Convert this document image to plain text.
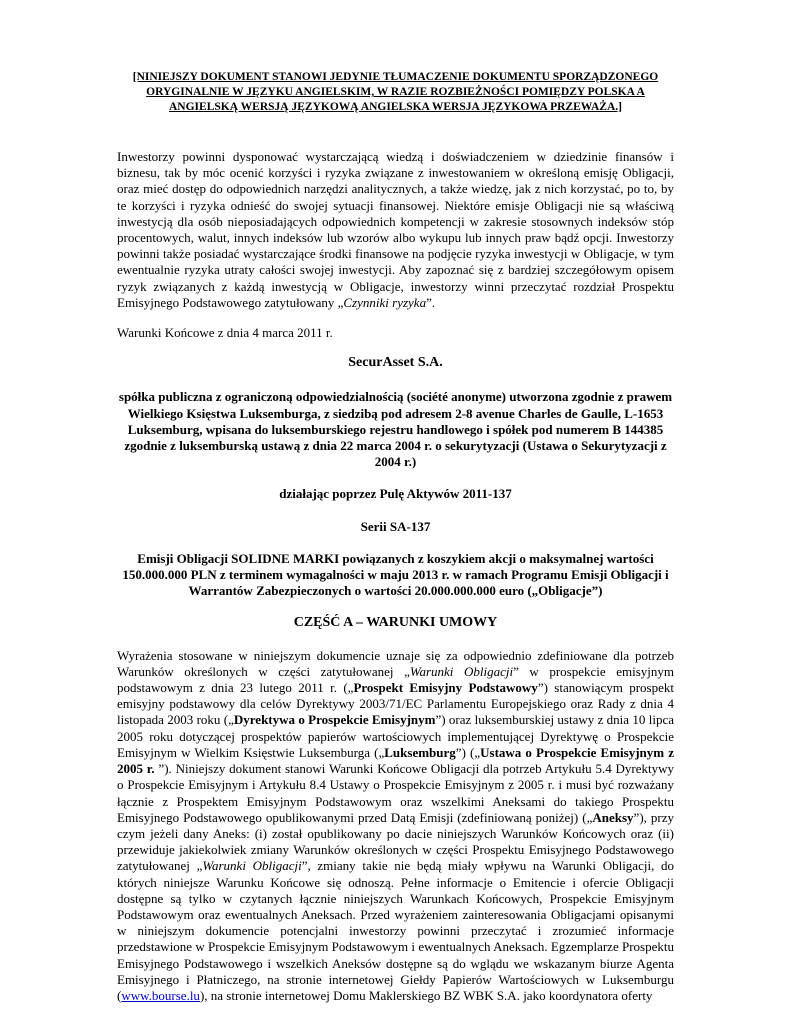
[NINIEJSZY DOKUMENT STANOWI JEDYNIE TŁUMACZENIE DOKUMENTU SPORZĄDZONEGO ORYGINALNIE W JĘZYKU ANGIELSKIM, W RAZIE ROZBIEŻNOŚCI POMIĘDZY POLSKA A ANGIELSKĄ WERSJĄ JĘZYKOWĄ ANGIELSKA WERSJA JĘZYKOWA PRZEWAŻA.]

Inwestorzy powinni dysponować wystarczającą wiedzą i doświadczeniem w dziedzinie finansów i biznesu, tak by móc ocenić korzyści i ryzyka związane z inwestowaniem w określoną emisję Obligacji, oraz mieć dostęp do odpowiednich narzędzi analitycznych, a także wiedzę, jak z nich korzystać, po to, by te korzyści i ryzyka odnieść do swojej sytuacji finansowej. Niektóre emisje Obligacji nie są właściwą inwestycją dla osób nieposiadających odpowiednich kompetencji w zakresie stosownych indeksów stóp procentowych, walut, innych indeksów lub wzorów albo wykupu lub innych praw bądź opcji. Inwestorzy powinni także posiadać wystarczające środki finansowe na podjęcie ryzyka inwestycji w Obligacje, w tym ewentualnie ryzyka utraty całości swojej inwestycji. Aby zapoznać się z bardziej szczegółowym opisem ryzyk związanych z każdą inwestycją w Obligacje, inwestorzy winni przeczytać rozdział Prospektu Emisyjnego Podstawowego zatytułowany „Czynniki ryzyka”.

Warunki Końcowe z dnia 4 marca 2011 r.

SecurAsset S.A.

spółka publiczna z ograniczoną odpowiedzialnością (société anonyme) utworzona zgodnie z prawem Wielkiego Księstwa Luksemburga, z siedzibą pod adresem 2-8 avenue Charles de Gaulle, L-1653 Luksemburg, wpisana do luksemburskiego rejestru handlowego i spółek pod numerem B 144385 zgodnie z luksemburską ustawą z dnia 22 marca 2004 r. o sekurytyzacji (Ustawa o Sekurytyzacji z 2004 r.)

działając poprzez Pulę Aktywów 2011-137

Serii SA-137

Emisji Obligacji SOLIDNE MARKI powiązanych z koszykiem akcji o maksymalnej wartości 150.000.000 PLN z terminem wymagalności w maju 2013 r. w ramach Programu Emisji Obligacji i Warrantów Zabezpieczonych o wartości 20.000.000.000 euro („Obligacje”)

CZĘŚĆ A – WARUNKI UMOWY

Wyrażenia stosowane w niniejszym dokumencie uznaje się za odpowiednio zdefiniowane dla potrzeb Warunków określonych w części zatytułowanej „Warunki Obligacji” w prospekcie emisyjnym podstawowym z dnia 23 lutego 2011 r. („Prospekt Emisyjny Podstawowy”) stanowiącym prospekt emisyjny podstawowy dla celów Dyrektywy 2003/71/EC Parlamentu Europejskiego oraz Rady z dnia 4 listopada 2003 roku („Dyrektywa o Prospekcie Emisyjnym”) oraz luksemburskiej ustawy z dnia 10 lipca 2005 roku dotyczącej prospektów papierów wartościowych implementującej Dyrektywę o Prospekcie Emisyjnym w Wielkim Księstwie Luksemburga („Luksemburg”) („Ustawa o Prospekcie Emisyjnym z 2005 r. ”). Niniejszy dokument stanowi Warunki Końcowe Obligacji dla potrzeb Artykułu 5.4 Dyrektywy o Prospekcie Emisyjnym i Artykułu 8.4 Ustawy o Prospekcie Emisyjnym z 2005 r. i musi być rozważany łącznie z Prospektem Emisyjnym Podstawowym oraz wszelkimi Aneksami do takiego Prospektu Emisyjnego Podstawowego opublikowanymi przed Datą Emisji (zdefiniowaną poniżej) („Aneksy”), przy czym jeżeli dany Aneks: (i) został opublikowany po dacie niniejszych Warunków Końcowych oraz (ii) przewiduje jakiekolwiek zmiany Warunków określonych w części Prospektu Emisyjnego Podstawowego zatytułowanej „Warunki Obligacji”, zmiany takie nie będą miały wpływu na Warunki Obligacji, do których niniejsze Warunku Końcowe się odnoszą. Pełne informacje o Emitencie i ofercie Obligacji dostępne są tylko w czytanych łącznie niniejszych Warunkach Końcowych, Prospekcie Emisyjnym Podstawowym oraz ewentualnych Aneksach. Przed wyrażeniem zainteresowania Obligacjami opisanymi w niniejszym dokumencie potencjalni inwestorzy powinni przeczytać i zrozumieć informacje przedstawione w Prospekcie Emisyjnym Podstawowym i ewentualnych Aneksach. Egzemplarze Prospektu Emisyjnego Podstawowego i wszelkich Aneksów dostępne są do wglądu we wskazanym biurze Agenta Emisyjnego i Płatniczego, na stronie internetowej Giełdy Papierów Wartościowych w Luksemburgu (www.bourse.lu), na stronie internetowej Domu Maklerskiego BZ WBK S.A. jako koordynatora oferty
